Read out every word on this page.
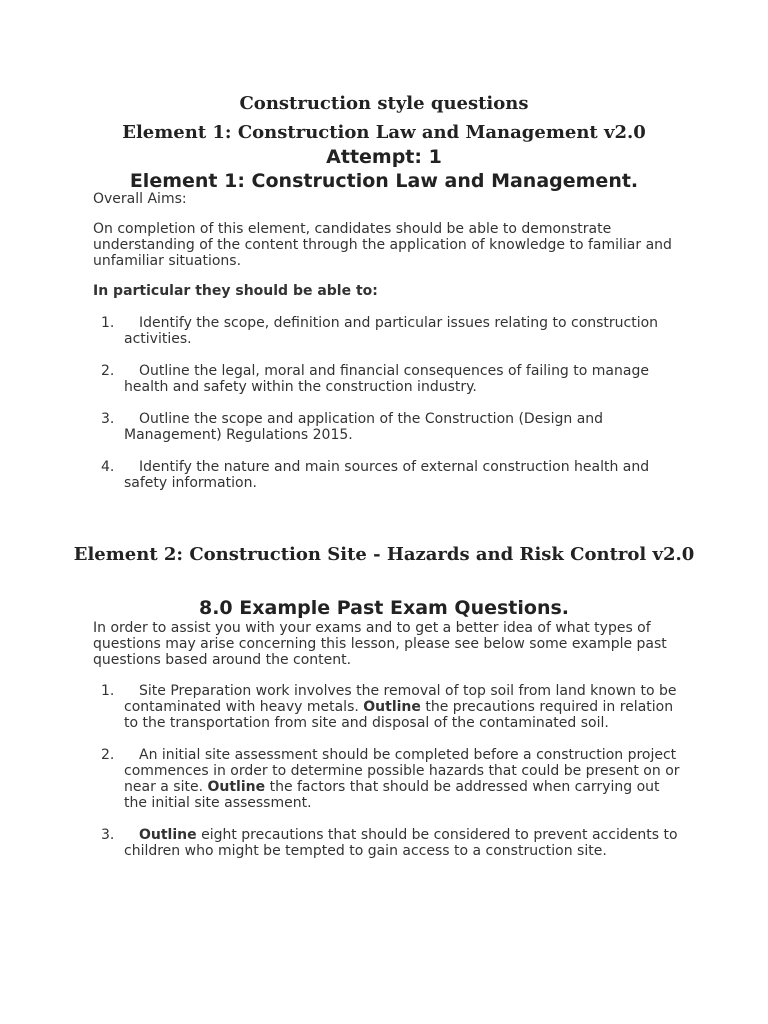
Construction style questions
Element 1: Construction Law and Management v2.0
Attempt: 1
Element 1: Construction Law and Management.

Overall Aims:

On completion of this element, candidates should be able to demonstrate understanding of the content through the application of knowledge to familiar and unfamiliar situations.

In particular they should be able to:

1. Identify the scope, definition and particular issues relating to construction activities.
2. Outline the legal, moral and financial consequences of failing to manage health and safety within the construction industry.
3. Outline the scope and application of the Construction (Design and Management) Regulations 2015.
4. Identify the nature and main sources of external construction health and safety information.
Element 2: Construction Site - Hazards and Risk Control v2.0
8.0 Example Past Exam Questions.

In order to assist you with your exams and to get a better idea of what types of questions may arise concerning this lesson, please see below some example past questions based around the content.

1. Site Preparation work involves the removal of top soil from land known to be contaminated with heavy metals. Outline the precautions required in relation to the transportation from site and disposal of the contaminated soil.
2. An initial site assessment should be completed before a construction project commences in order to determine possible hazards that could be present on or near a site. Outline the factors that should be addressed when carrying out the initial site assessment.
3. Outline eight precautions that should be considered to prevent accidents to children who might be tempted to gain access to a construction site.
